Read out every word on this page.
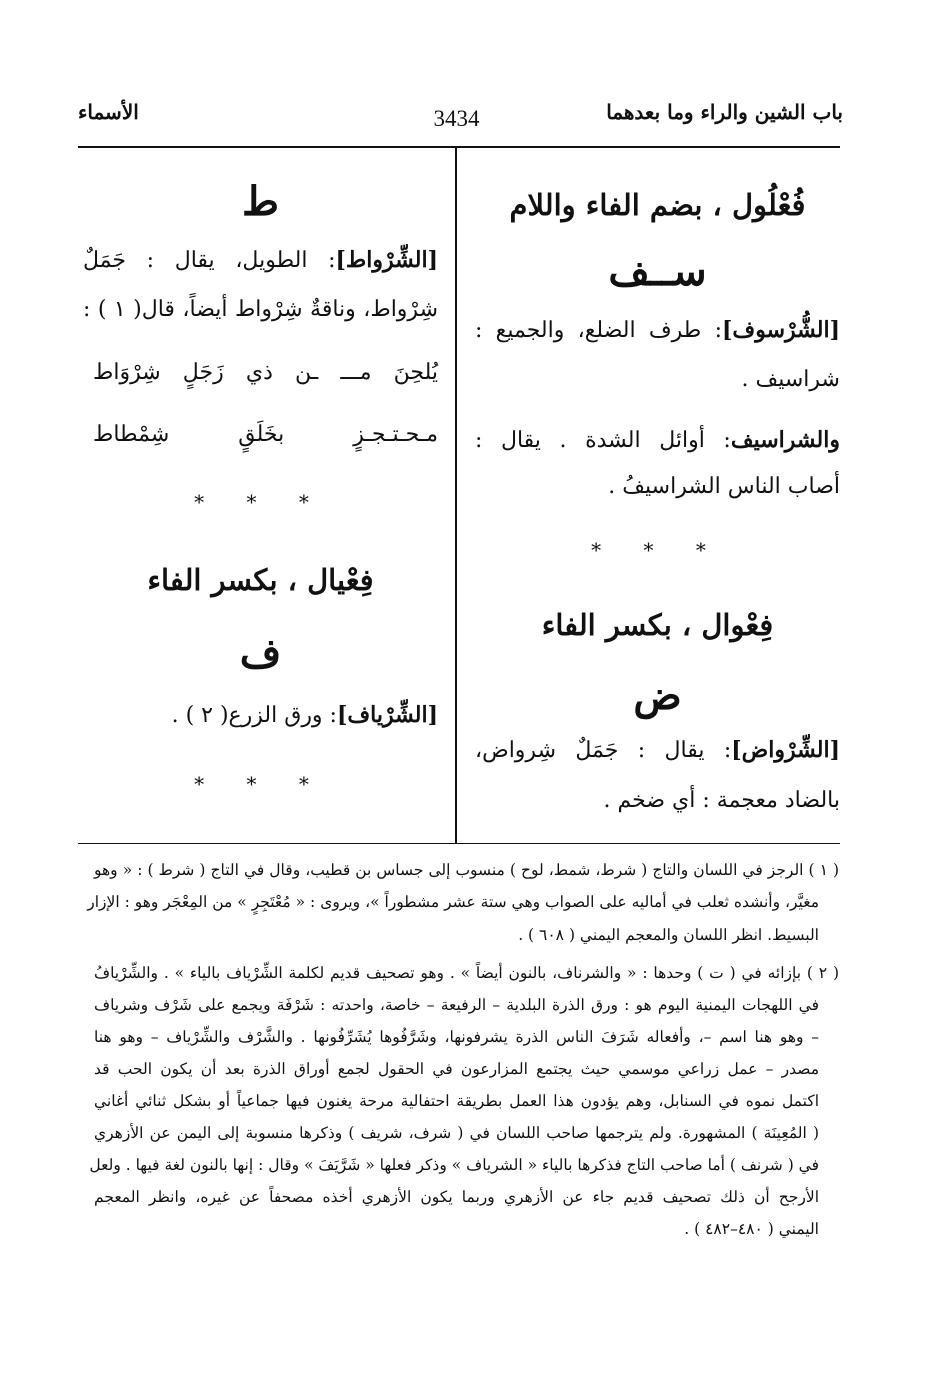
باب الشين والراء وما بعدهما
3434
الأسماء
فُعْلُول ، بضم الفاء واللام
ســف
[الشُّرْسوف]: طرف الضلع، والجميع :
شراسيف .
والشراسيف: أوائل الشدة . يقال :
أصاب الناس الشراسيفُ .
* * *
فِعْوال ، بكسر الفاء
ض
[الشِّرْواض]: يقال : جَمَلٌ شِرواض،
بالضاد معجمة : أي ضخم .
ط
[الشِّرْواط]: الطويل، يقال : جَمَلٌ
شِرْواط، وناقةٌ شِرْواط أيضاً، قال( ١ ) :
يُلحِنَ مـــ ـن ذي زَجَلٍ شِرْوَاط
مـحـتـجـزٍ بخَلَقٍ شِمْطاط
* * *
فِعْيال ، بكسر الفاء
ف
[الشِّرْياف]: ورق الزرع( ٢ ) .
* * *
( ١ ) الرجز في اللسان والتاج ( شرط، شمط، لوح ) منسوب إلى جساس بن قطيب، وقال في التاج ( شرط ) : « وهو
مغيَّر، وأنشده ثعلب في أماليه على الصواب وهي ستة عشر مشطوراً »، ويروى : « مُعْتَجِرٍ » من المِعْجَر وهو : الإزار
البسيط. انظر اللسان والمعجم اليمني ( ٦٠٨ ) .
( ٢ ) بإزائه في ( ت ) وحدها : « والشرناف، بالنون أيضاً » . وهو تصحيف قديم لكلمة الشِّرْياف بالياء » . والشِّرْيافُ
في اللهجات اليمنية اليوم هو : ورق الذرة البلدية – الرفيعة – خاصة، واحدته : شَرْفَة ويجمع على شَرْف وشرياف
– وهو هنا اسم –، وأفعاله شَرَفَ الناس الذرة يشرفونها، وشَرَّفُوها يُشَرِّفُونها . والشَّرْف والشِّرْياف – وهو هنا
مصدر – عمل زراعي موسمي حيث يجتمع المزارعون في الحقول لجمع أوراق الذرة بعد أن يكون الحب قد
اكتمل نموه في السنابل، وهم يؤدون هذا العمل بطريقة احتفالية مرحة يغنون فيها جماعياً أو بشكل ثنائي أغاني
( المُعِينَة ) المشهورة. ولم يترجمها صاحب اللسان في ( شرف، شريف ) وذكرها منسوبة إلى اليمن عن الأزهري
في ( شرنف ) أما صاحب التاج فذكرها بالياء « الشرياف » وذكر فعلها « شَرَّيَفَ » وقال : إنها بالنون لغة فيها . ولعل
الأرجح أن ذلك تصحيف قديم جاء عن الأزهري وربما يكون الأزهري أخذه مصحفاً عن غيره، وانظر المعجم
اليمني ( ٤٨٠–٤٨٢ ) .
